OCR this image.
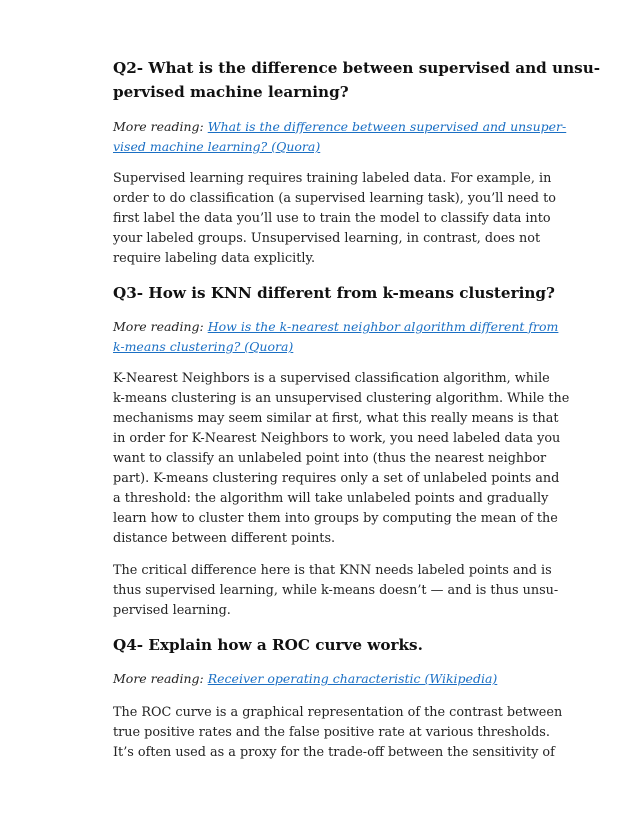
Q2- What is the difference between supervised and unsu-
pervised machine learning?

More reading: What is the difference between supervised and unsuper-
vised machine learning? (Quora)

Supervised learning requires training labeled data. For example, in
order to do classification (a supervised learning task), you’ll need to
first label the data you’ll use to train the model to classify data into
your labeled groups. Unsupervised learning, in contrast, does not
require labeling data explicitly.

Q3- How is KNN different from k-means clustering?

More reading: How is the k-nearest neighbor algorithm different from
k-means clustering? (Quora)

K-Nearest Neighbors is a supervised classification algorithm, while
k-means clustering is an unsupervised clustering algorithm. While the
mechanisms may seem similar at first, what this really means is that
in order for K-Nearest Neighbors to work, you need labeled data you
want to classify an unlabeled point into (thus the nearest neighbor
part). K-means clustering requires only a set of unlabeled points and
a threshold: the algorithm will take unlabeled points and gradually
learn how to cluster them into groups by computing the mean of the
distance between different points.

The critical difference here is that KNN needs labeled points and is
thus supervised learning, while k-means doesn’t — and is thus unsu-
pervised learning.

Q4- Explain how a ROC curve works.

More reading: Receiver operating characteristic (Wikipedia)

The ROC curve is a graphical representation of the contrast between
true positive rates and the false positive rate at various thresholds.
It’s often used as a proxy for the trade-off between the sensitivity of
